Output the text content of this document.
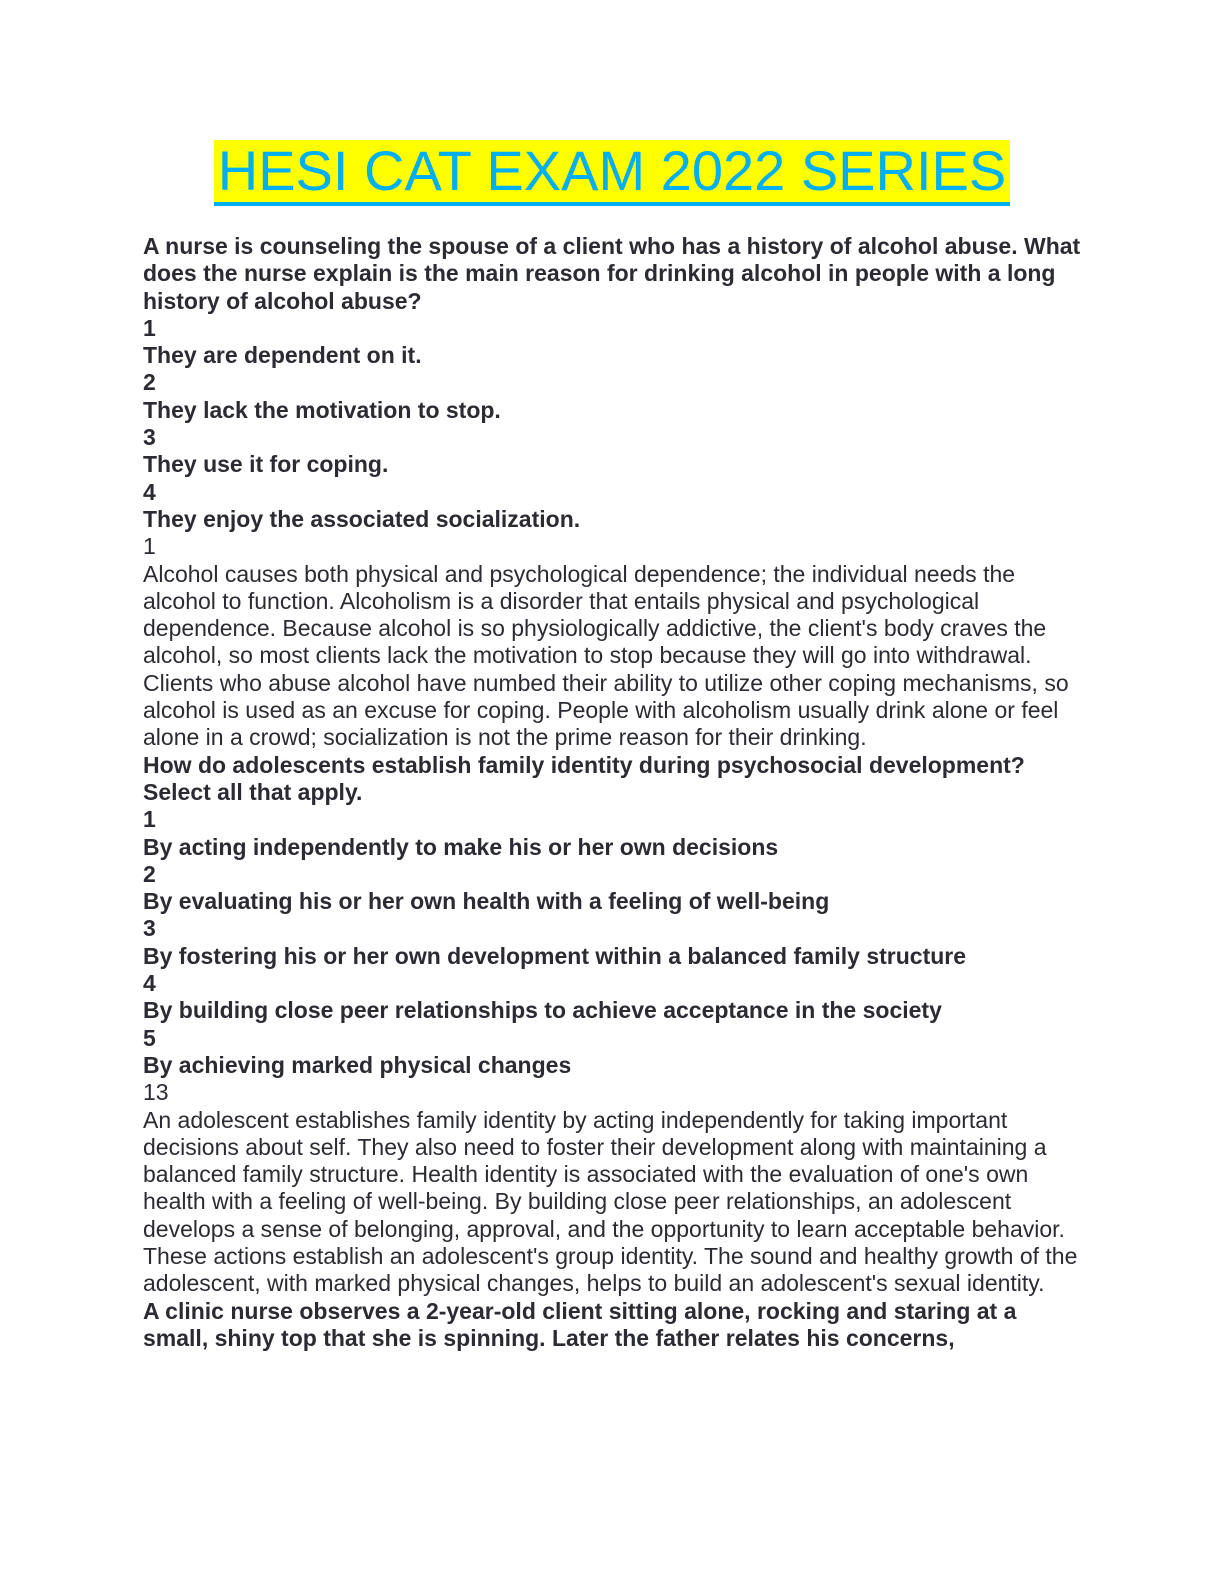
HESI CAT EXAM 2022 SERIES

A nurse is counseling the spouse of a client who has a history of alcohol abuse. What does the nurse explain is the main reason for drinking alcohol in people with a long history of alcohol abuse?

1

They are dependent on it.

2

They lack the motivation to stop.

3

They use it for coping.

4

They enjoy the associated socialization.

1

Alcohol causes both physical and psychological dependence; the individual needs the alcohol to function. Alcoholism is a disorder that entails physical and psychological dependence. Because alcohol is so physiologically addictive, the client's body craves the alcohol, so most clients lack the motivation to stop because they will go into withdrawal. Clients who abuse alcohol have numbed their ability to utilize other coping mechanisms, so alcohol is used as an excuse for coping. People with alcoholism usually drink alone or feel alone in a crowd; socialization is not the prime reason for their drinking.

How do adolescents establish family identity during psychosocial development? Select all that apply.

1

By acting independently to make his or her own decisions

2

By evaluating his or her own health with a feeling of well-being

3

By fostering his or her own development within a balanced family structure

4

By building close peer relationships to achieve acceptance in the society

5

By achieving marked physical changes

13

An adolescent establishes family identity by acting independently for taking important decisions about self. They also need to foster their development along with maintaining a balanced family structure. Health identity is associated with the evaluation of one's own health with a feeling of well-being. By building close peer relationships, an adolescent develops a sense of belonging, approval, and the opportunity to learn acceptable behavior. These actions establish an adolescent's group identity. The sound and healthy growth of the adolescent, with marked physical changes, helps to build an adolescent's sexual identity.

A clinic nurse observes a 2-year-old client sitting alone, rocking and staring at a small, shiny top that she is spinning. Later the father relates his concerns,
